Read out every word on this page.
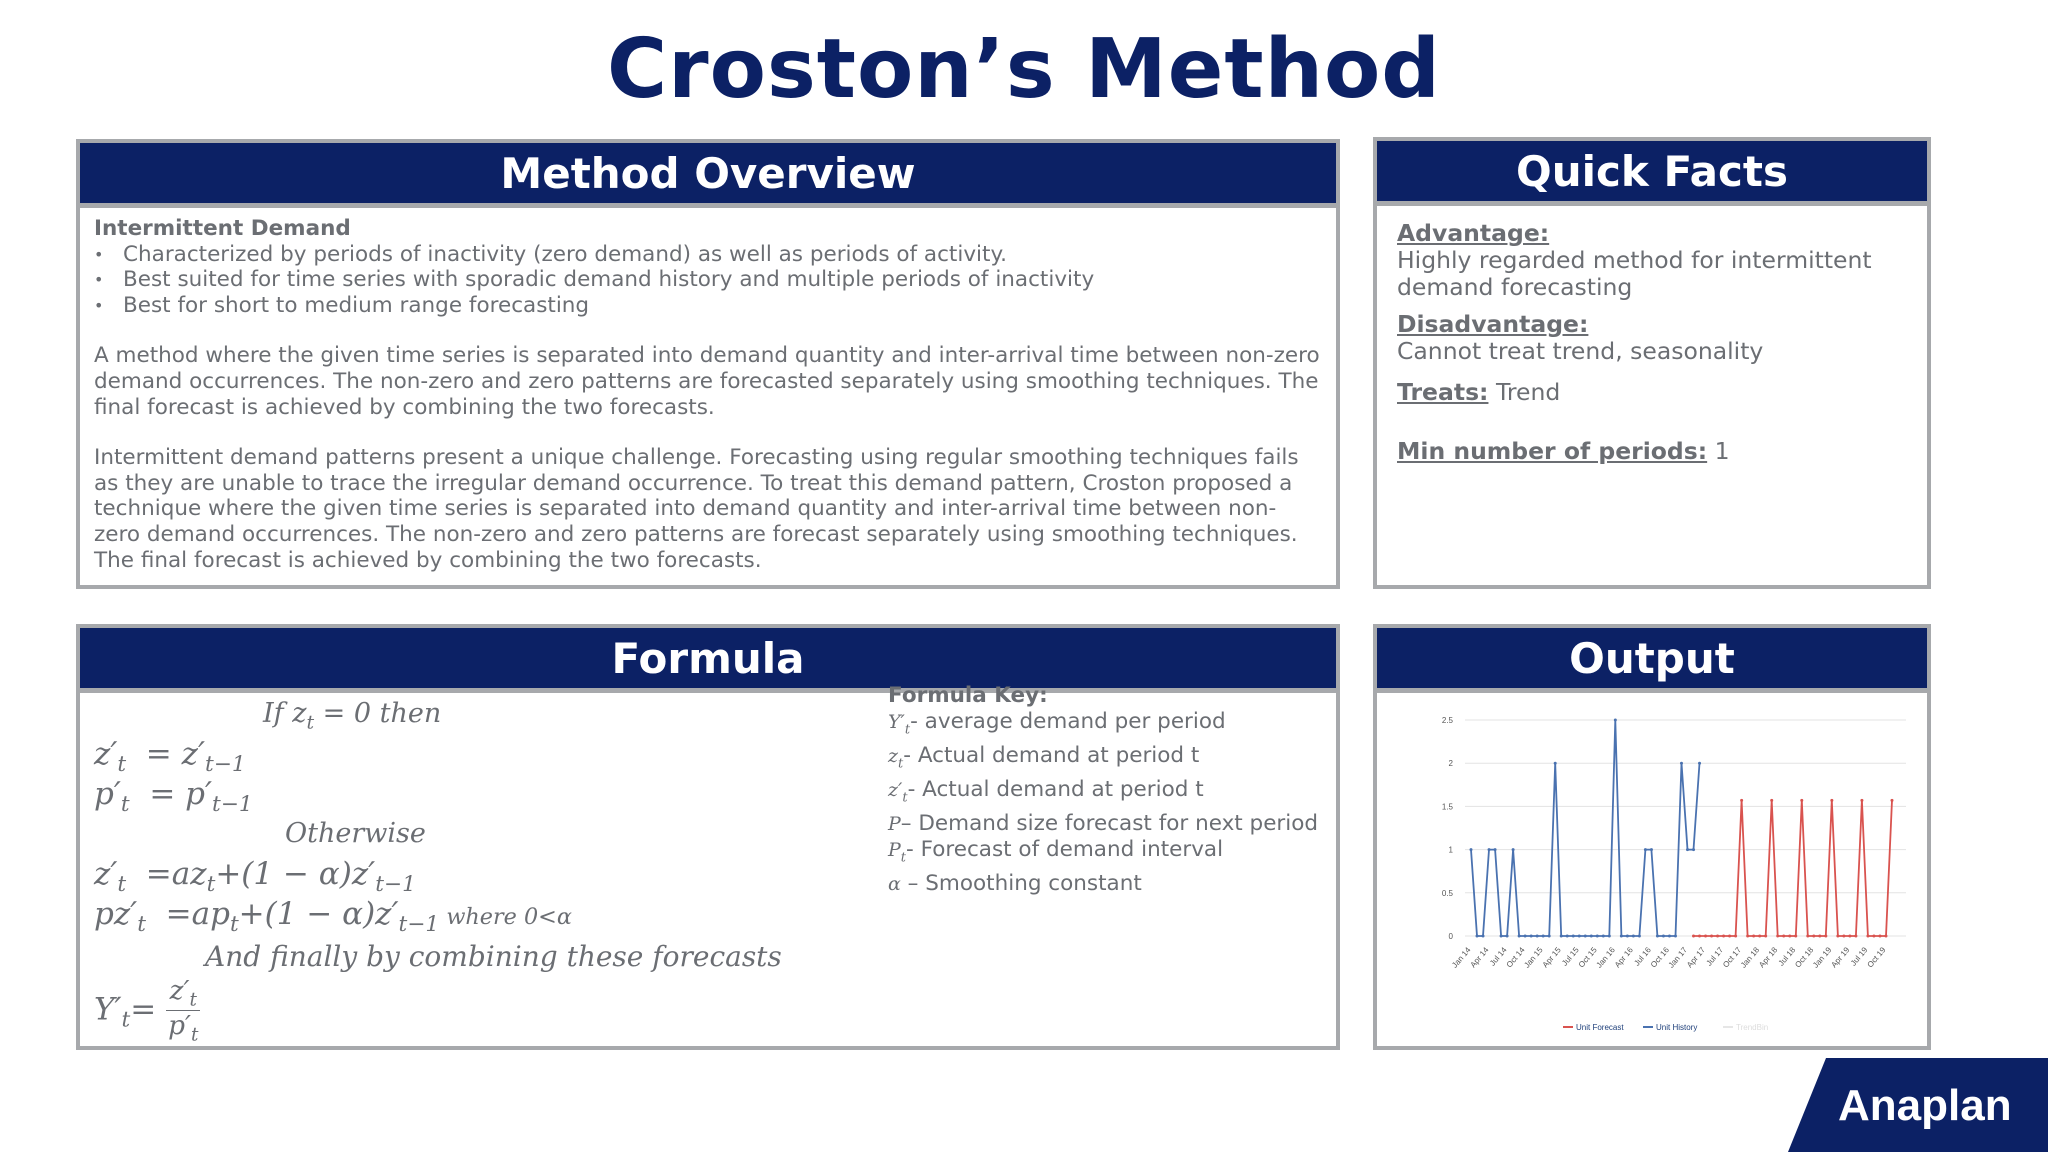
Croston’s Method
Method Overview
Intermittent Demand
• Characterized by periods of inactivity (zero demand) as well as periods of activity.
• Best suited for time series with sporadic demand history and multiple periods of inactivity
• Best for short to medium range forecasting

A method where the given time series is separated into demand quantity and inter-arrival time between non-zero demand occurrences. The non-zero and zero patterns are forecasted separately using smoothing techniques. The final forecast is achieved by combining the two forecasts.

Intermittent demand patterns present a unique challenge. Forecasting using regular smoothing techniques fails as they are unable to trace the irregular demand occurrence. To treat this demand pattern, Croston proposed a technique where the given time series is separated into demand quantity and inter-arrival time between non-zero demand occurrences. The non-zero and zero patterns are forecast separately using smoothing techniques. The final forecast is achieved by combining the two forecasts.

Quick Facts
Advantage:
Highly regarded method for intermittent demand forecasting
Disadvantage:
Cannot treat trend, seasonality
Treats: Trend
Min number of periods: 1
Formula
If $z_t = 0$ then
$z'_t = z'_{t-1}$
$p'_t = p'_{t-1}$
Otherwise
$z'_t =az_t+(1 - \alpha)z'_{t-1}$
$pz'_t =ap_t+(1 - \alpha)z'_{t-1}$ where 0<α
And finally by combining these forecasts
$Y'_t= \frac{z'_t}{p'_t}$
Formula Key:
$Y'_t-$ average demand per period
$z_t-$ Actual demand at period t
$z'_t-$ Actual demand at period t
P– Demand size forecast for next period
$P_t-$ Forecast of demand interval
α – Smoothing constant
Output
0
0.5
1
1.5
2
2.5
Jan 14
Apr 14
Jul 14
Oct 14
Jan 15
Apr 15
Jul 15
Oct 15
Jan 16
Apr 16
Jul 16
Oct 16
Jan 17
Apr 17
Jul 17
Oct 17
Jan 18
Apr 18
Jul 18
Oct 18
Jan 19
Apr 19
Jul 19
Oct 19
Unit Forecast	Unit History	TrendBin
Anaplan
